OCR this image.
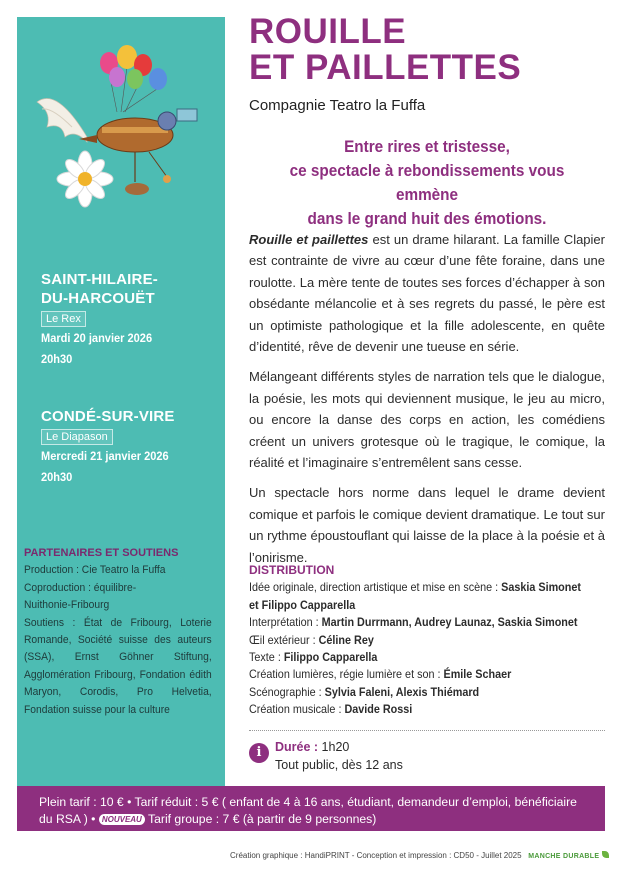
SAINT-HILAIRE-
DU-HARCOUËT
Le Rex
Mardi 20 janvier 2026
20h30
CONDÉ-SUR-VIRE
Le Diapason
Mercredi 21 janvier 2026
20h30
PARTENAIRES ET SOUTIENS
Production : Cie Teatro la Fuffa
Coproduction : équilibre-
Nuithonie-Fribourg
Soutiens : État de Fribourg, Loterie Romande, Société suisse des auteurs (SSA), Ernst Göhner Stiftung, Agglomération Fribourg, Fondation édith Maryon, Corodis, Pro Helvetia, Fondation suisse pour la culture
ROUILLE
ET PAILLETTES
Compagnie Teatro la Fuffa
Entre rires et tristesse,
ce spectacle à rebondissements vous emmène
dans le grand huit des émotions.

Rouille et paillettes est un drame hilarant. La famille Clapier est contrainte de vivre au cœur d’une fête foraine, dans une roulotte. La mère tente de toutes ses forces d’échapper à son obsédante mélancolie et à ses regrets du passé, le père est un optimiste pathologique et la fille adolescente, en quête d’identité, rêve de devenir une tueuse en série.

Mélangeant différents styles de narration tels que le dialogue, la poésie, les mots qui deviennent musique, le jeu au micro, ou encore la danse des corps en action, les comédiens créent un univers grotesque où le tragique, le comique, la réalité et l’imaginaire s’entremêlent sans cesse.

Un spectacle hors norme dans lequel le drame devient comique et parfois le comique devient dramatique. Le tout sur un rythme époustouflant qui laisse de la place à la poésie et à l’onirisme.

DISTRIBUTION
Idée originale, direction artistique et mise en scène : Saskia Simonet
et Filippo Capparella
Interprétation : Martin Durrmann, Audrey Launaz, Saskia Simonet
Œil extérieur : Céline Rey
Texte : Filippo Capparella
Création lumières, régie lumière et son : Émile Schaer
Scénographie : Sylvia Faleni, Alexis Thiémard
Création musicale : Davide Rossi
i	Durée : 1h20
Tout public, dès 12 ans
Plein tarif : 10 € • Tarif réduit : 5 € ( enfant de 4 à 16 ans, étudiant, demandeur d’emploi, bénéficiaire
du RSA ) • NOUVEAU Tarif groupe : 7 € (à partir de 9 personnes)
Création graphique : HandiPRINT - Conception et impression : CD50 - Juillet 2025 MANCHE DURABLE
